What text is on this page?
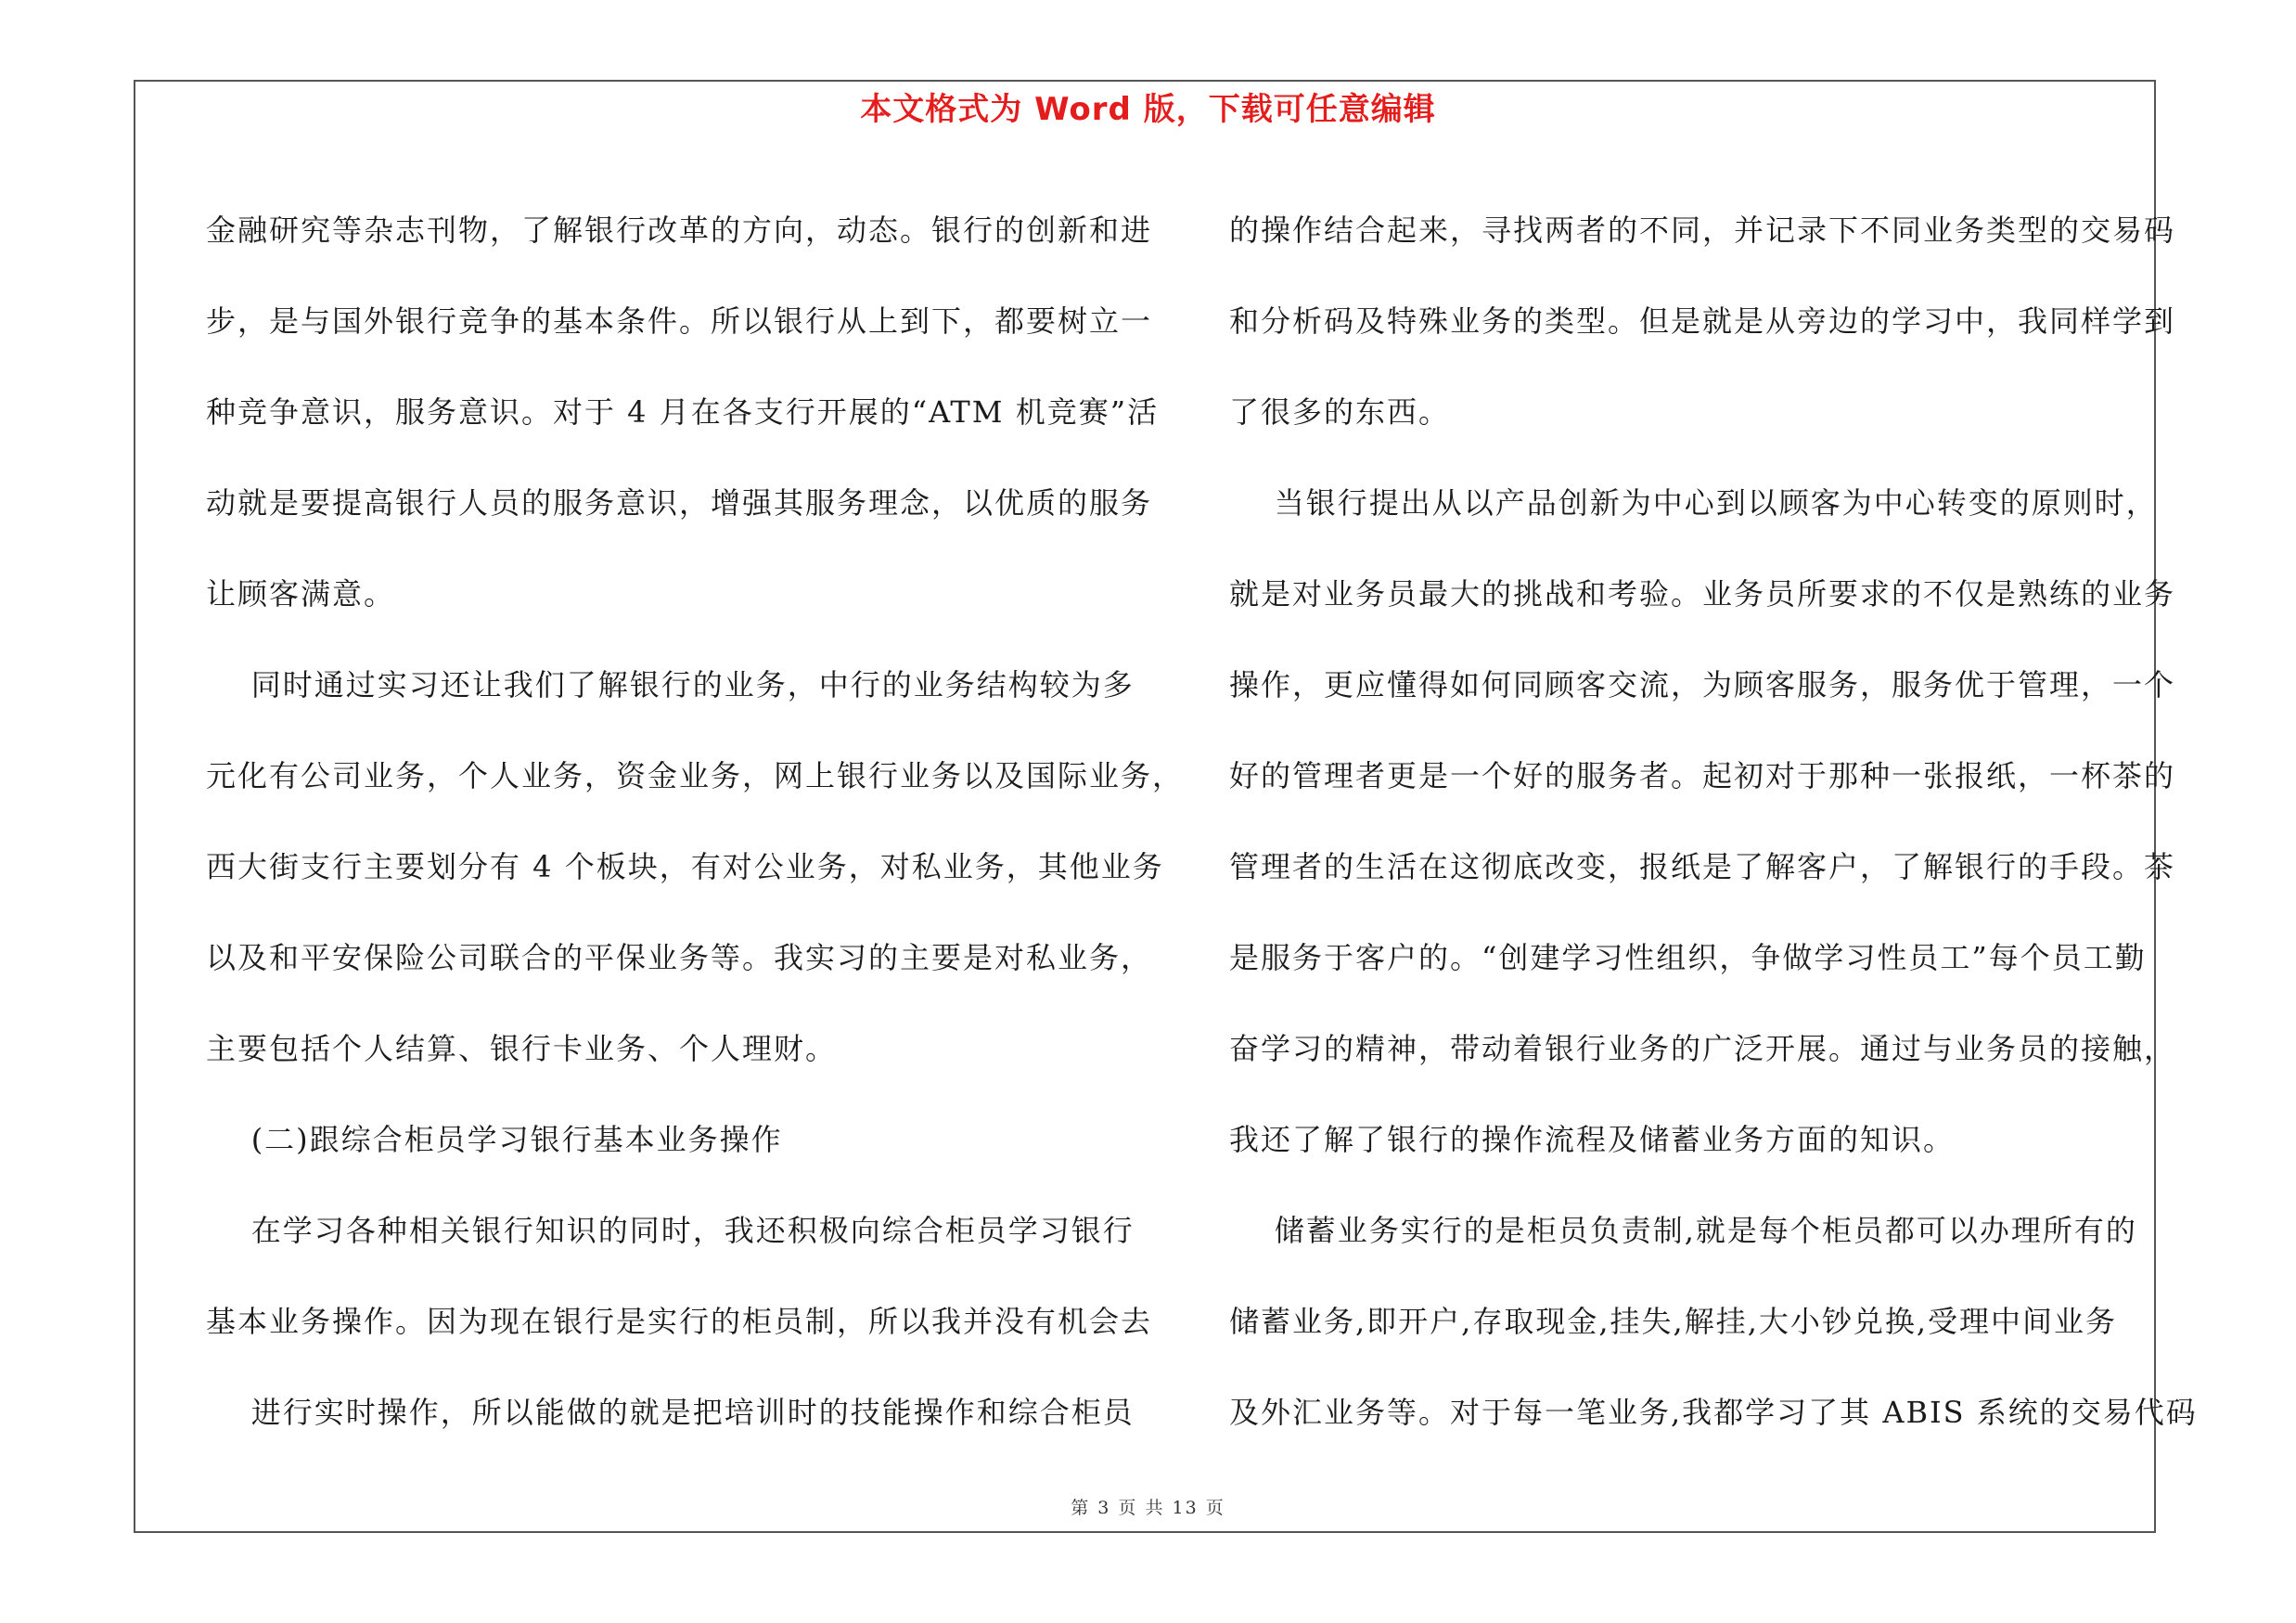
本文格式为 Word 版，下载可任意编辑
金融研究等杂志刊物，了解银行改革的方向，动态。银行的创新和进
步，是与国外银行竞争的基本条件。所以银行从上到下，都要树立一
种竞争意识，服务意识。对于 4 月在各支行开展的“ATM 机竞赛”活
动就是要提高银行人员的服务意识，增强其服务理念，以优质的服务
让顾客满意。
同时通过实习还让我们了解银行的业务，中行的业务结构较为多
元化有公司业务，个人业务，资金业务，网上银行业务以及国际业务，
西大街支行主要划分有 4 个板块，有对公业务，对私业务，其他业务
以及和平安保险公司联合的平保业务等。我实习的主要是对私业务，
主要包括个人结算、银行卡业务、个人理财。
(二)跟综合柜员学习银行基本业务操作
在学习各种相关银行知识的同时，我还积极向综合柜员学习银行
基本业务操作。因为现在银行是实行的柜员制，所以我并没有机会去
进行实时操作，所以能做的就是把培训时的技能操作和综合柜员
的操作结合起来，寻找两者的不同，并记录下不同业务类型的交易码
和分析码及特殊业务的类型。但是就是从旁边的学习中，我同样学到
了很多的东西。
当银行提出从以产品创新为中心到以顾客为中心转变的原则时，
就是对业务员最大的挑战和考验。业务员所要求的不仅是熟练的业务
操作，更应懂得如何同顾客交流，为顾客服务，服务优于管理，一个
好的管理者更是一个好的服务者。起初对于那种一张报纸，一杯茶的
管理者的生活在这彻底改变，报纸是了解客户，了解银行的手段。茶
是服务于客户的。“创建学习性组织，争做学习性员工”每个员工勤
奋学习的精神，带动着银行业务的广泛开展。通过与业务员的接触，
我还了解了银行的操作流程及储蓄业务方面的知识。
储蓄业务实行的是柜员负责制,就是每个柜员都可以办理所有的
储蓄业务,即开户,存取现金,挂失,解挂,大小钞兑换,受理中间业务
及外汇业务等。对于每一笔业务,我都学习了其 ABIS 系统的交易代码
第 3 页 共 13 页
